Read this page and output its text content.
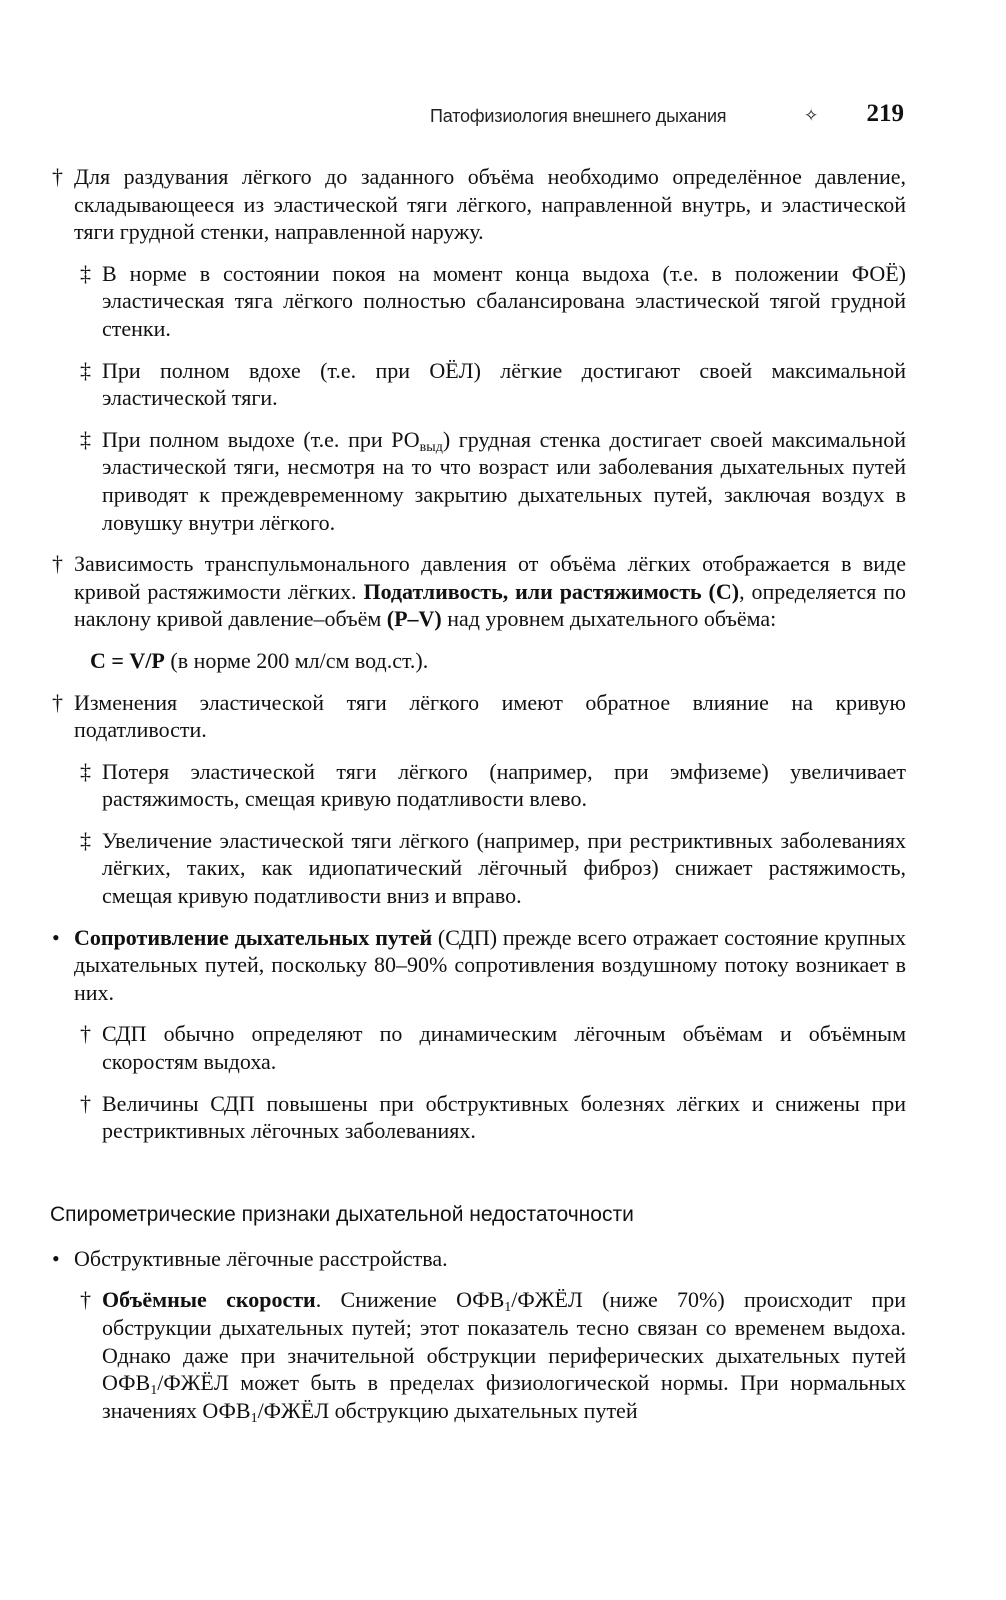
Патофизиология внешнего дыхания	✧ 219

† Для раздувания лёгкого до заданного объёма необходимо определённое давление, складывающееся из эластической тяги лёгкого, направленной внутрь, и эластической тяги грудной стенки, направленной наружу.

‡ В норме в состоянии покоя на момент конца выдоха (т.е. в положении ФОЁ) эластическая тяга лёгкого полностью сбалансирована эластической тягой грудной стенки.

‡ При полном вдохе (т.е. при ОЁЛ) лёгкие достигают своей максимальной эластической тяги.

‡ При полном выдохе (т.е. при $РО_{выд}$) грудная стенка достигает своей максимальной эластической тяги, несмотря на то что возраст или заболевания дыхательных путей приводят к преждевременному закрытию дыхательных путей, заключая воздух в ловушку внутри лёгкого.

† Зависимость транспульмонального давления от объёма лёгких отображается в виде кривой растяжимости лёгких. Податливость, или растяжимость (С), определяется по наклону кривой давление–объём (Р–V) над уровнем дыхательного объёма:

С = V/P (в норме 200 мл/см вод.ст.).

† Изменения эластической тяги лёгкого имеют обратное влияние на кривую податливости.

‡ Потеря эластической тяги лёгкого (например, при эмфиземе) увеличивает растяжимость, смещая кривую податливости влево.

‡ Увеличение эластической тяги лёгкого (например, при рестриктивных заболеваниях лёгких, таких, как идиопатический лёгочный фиброз) снижает растяжимость, смещая кривую податливости вниз и вправо.

• Сопротивление дыхательных путей (СДП) прежде всего отражает состояние крупных дыхательных путей, поскольку 80–90% сопротивления воздушному потоку возникает в них.

† СДП обычно определяют по динамическим лёгочным объёмам и объёмным скоростям выдоха.

† Величины СДП повышены при обструктивных болезнях лёгких и снижены при рестриктивных лёгочных заболеваниях.

Спирометрические признаки дыхательной недостаточности

• Обструктивные лёгочные расстройства.

† Объёмные скорости. Снижение $ОФВ_1$/ФЖЁЛ (ниже 70%) происходит при обструкции дыхательных путей; этот показатель тесно связан со временем выдоха. Однако даже при значительной обструкции периферических дыхательных путей $ОФВ_1$/ФЖЁЛ может быть в пределах физиологической нормы. При нормальных значениях $ОФВ_1$/ФЖЁЛ обструкцию дыхательных путей
